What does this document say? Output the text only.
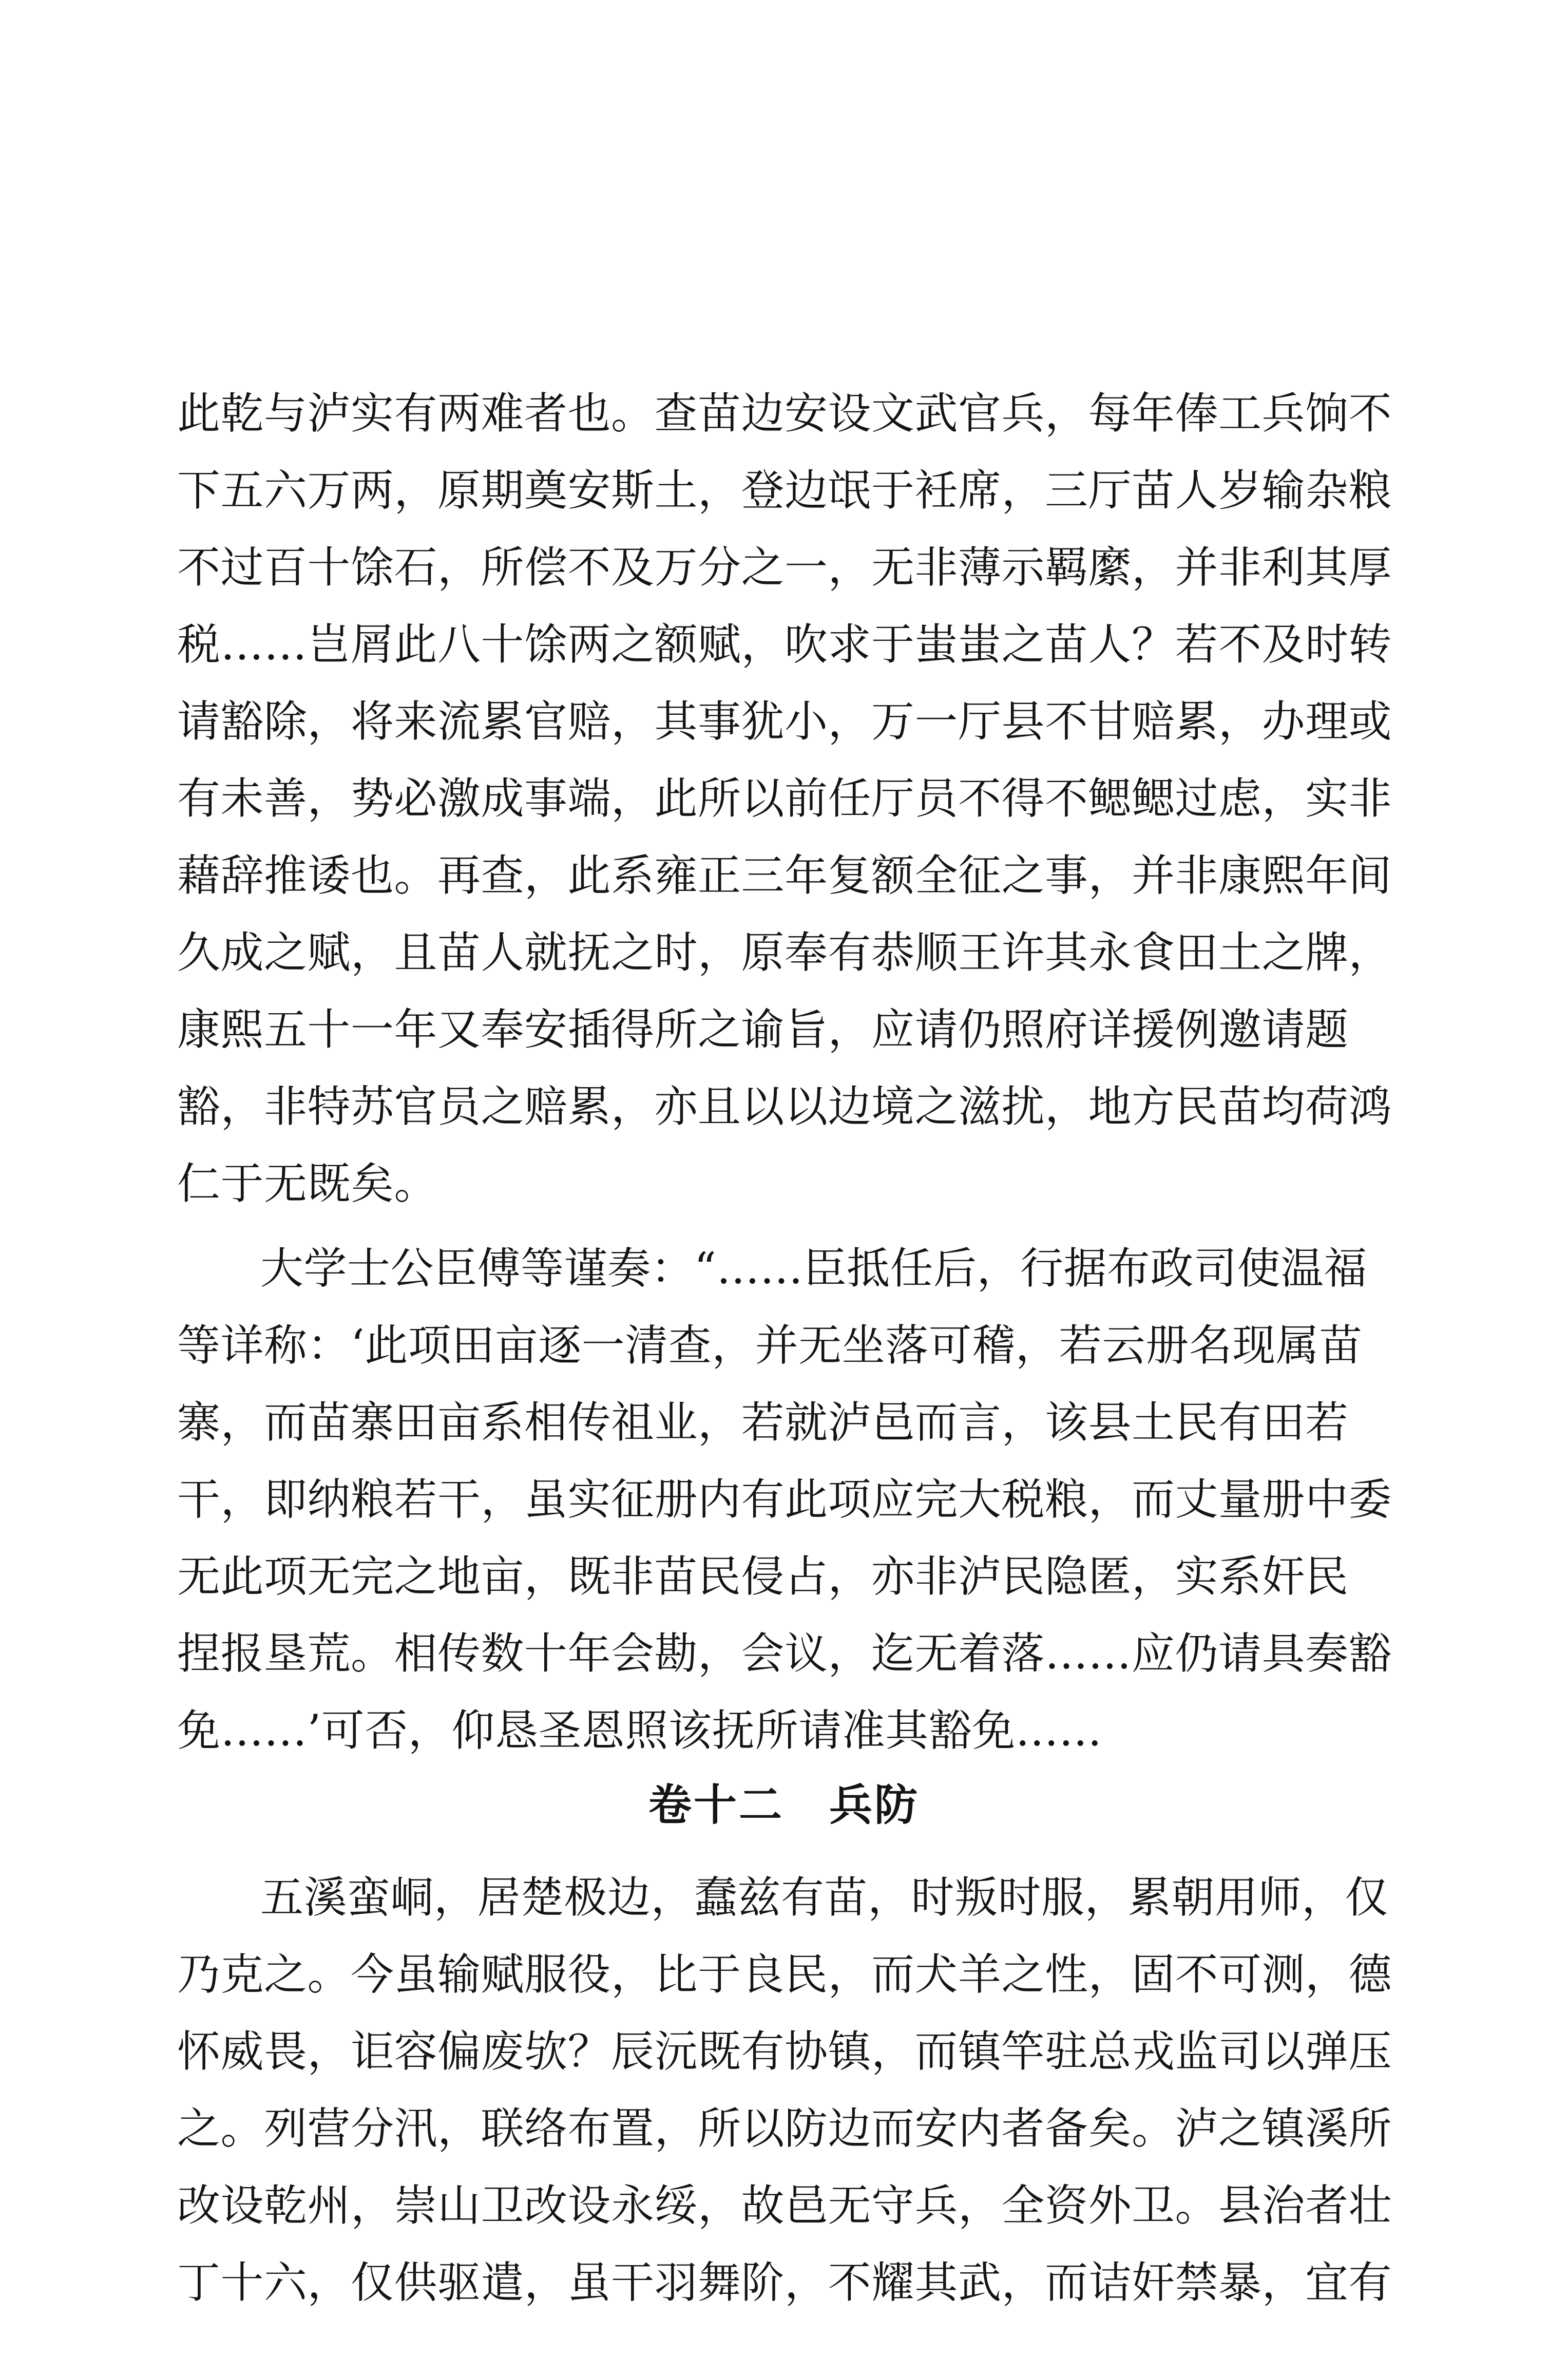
此乾与泸实有两难者也。查苗边安设文武官兵，每年俸工兵饷不
下五六万两，原期奠安斯土，登边氓于衽席，三厅苗人岁输杂粮
不过百十馀石，所偿不及万分之一，无非薄示羁縻，并非利其厚
税……岂屑此八十馀两之额赋，吹求于蚩蚩之苗人？若不及时转
请豁除，将来流累官赔，其事犹小，万一厅县不甘赔累，办理或
有未善，势必激成事端，此所以前任厅员不得不鳃鳃过虑，实非
藉辞推诿也。再查，此系雍正三年复额全征之事，并非康熙年间
久成之赋，且苗人就抚之时，原奉有恭顺王许其永食田土之牌，
康熙五十一年又奉安插得所之谕旨，应请仍照府详援例邀请题
豁，非特苏官员之赔累，亦且以以边境之滋扰，地方民苗均荷鸿
仁于无既矣。
大学士公臣傅等谨奏：“……臣抵任后，行据布政司使温福
等详称：‘此项田亩逐一清查，并无坐落可稽，若云册名现属苗
寨，而苗寨田亩系相传祖业，若就泸邑而言，该县土民有田若
干，即纳粮若干，虽实征册内有此项应完大税粮，而丈量册中委
无此项无完之地亩，既非苗民侵占，亦非泸民隐匿，实系奸民
捏报垦荒。相传数十年会勘，会议，迄无着落……应仍请具奏豁
免……’可否，仰恳圣恩照该抚所请准其豁免……
卷十二　兵防
五溪蛮峒，居楚极边，蠢兹有苗，时叛时服，累朝用师，仅
乃克之。今虽输赋服役，比于良民，而犬羊之性，固不可测，德
怀威畏，讵容偏废欤？辰沅既有协镇，而镇竿驻总戎监司以弹压
之。列营分汛，联络布置，所以防边而安内者备矣。泸之镇溪所
改设乾州，崇山卫改设永绥，故邑无守兵，全资外卫。县治者壮
丁十六，仅供驱遣，虽干羽舞阶，不耀其武，而诘奸禁暴，宜有
